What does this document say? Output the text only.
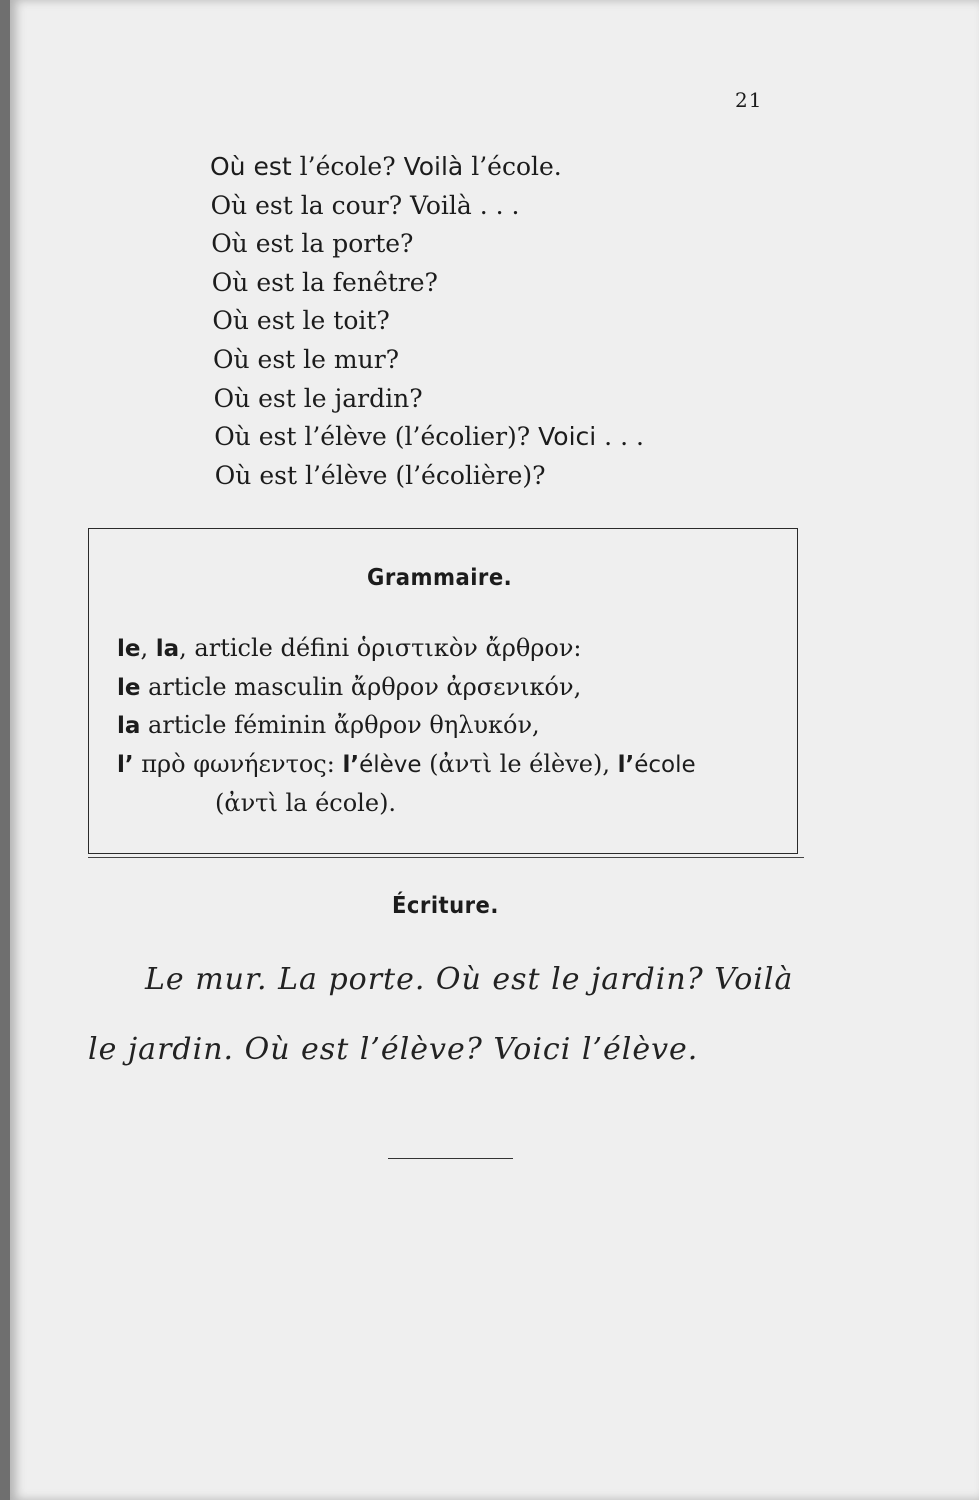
21
Où est l’école? Voilà l’école.
Où est la cour? Voilà . . .
Où est la porte?
Où est la fenêtre?
Où est le toit?
Où est le mur?
Où est le jardin?
Où est l’élève (l’écolier)? Voici . . .
Où est l’élève (l’écolière)?
Grammaire.
le, la, article défini ὁριστικὸν ἄρθρον:
le article masculin ἄρθρον ἀρσενικόν,
la article féminin ἄρθρον θηλυκόν,
l’ πρὸ φωνήεντος: l’élève (ἀντὶ le élève), l’école
(ἀντὶ la école).
Écriture.
Le mur. La porte. Où est le jardin? Voilà
le jardin. Où est l’élève? Voici l’élève.
